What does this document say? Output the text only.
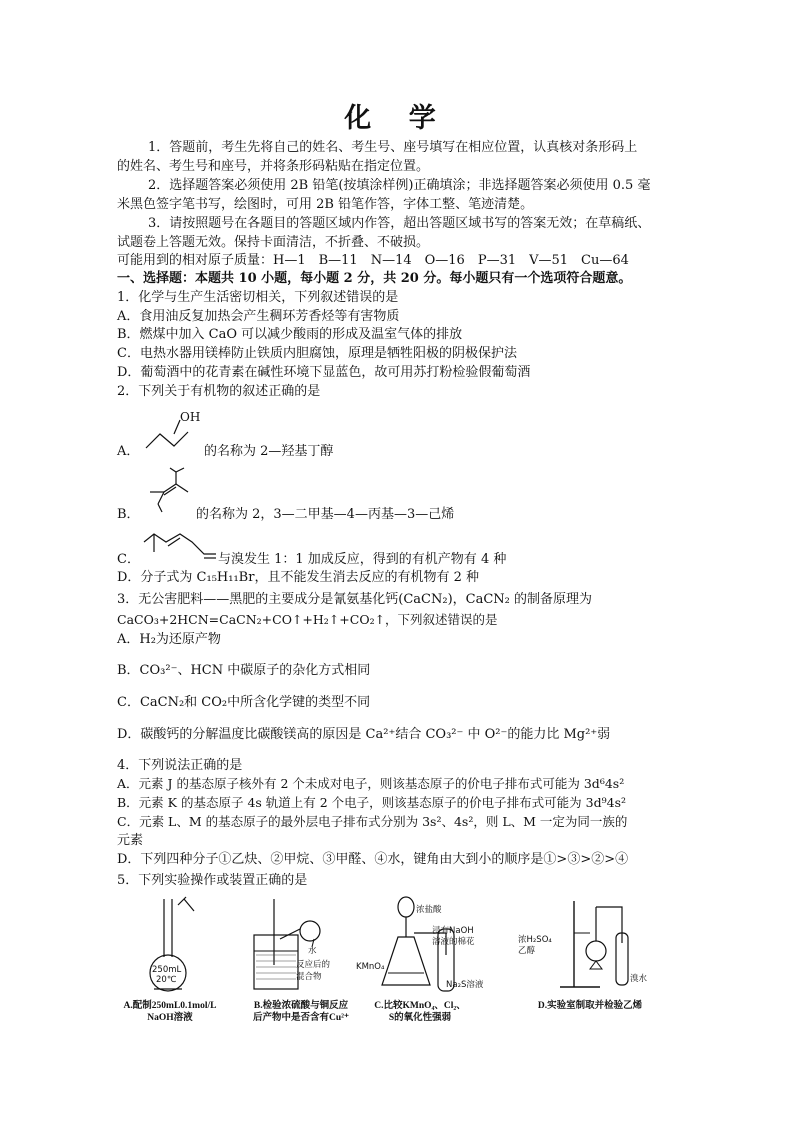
化 学
1．答题前，考生先将自己的姓名、考生号、座号填写在相应位置，认真核对条形码上
的姓名、考生号和座号，并将条形码粘贴在指定位置。
2．选择题答案必须使用 2B 铅笔(按填涂样例)正确填涂；非选择题答案必须使用 0.5 毫
米黑色签字笔书写，绘图时，可用 2B 铅笔作答，字体工整、笔迹清楚。
3．请按照题号在各题目的答题区域内作答，超出答题区域书写的答案无效；在草稿纸、
试题卷上答题无效。保持卡面清洁，不折叠、不破损。
可能用到的相对原子质量：H—1　B—11　N—14　O—16　P—31　V—51　Cu—64
一、选择题：本题共 10 小题，每小题 2 分，共 20 分。每小题只有一个选项符合题意。
1．化学与生产生活密切相关，下列叙述错误的是
A．食用油反复加热会产生稠环芳香烃等有害物质
B．燃煤中加入 CaO 可以减少酸雨的形成及温室气体的排放
C．电热水器用镁棒防止铁质内胆腐蚀，原理是牺牲阳极的阴极保护法
D．葡萄酒中的花青素在碱性环境下显蓝色，故可用苏打粉检验假葡萄酒
2．下列关于有机物的叙述正确的是
A．
OH
的名称为 2—羟基丁醇
B．	的名称为 2，3—二甲基—4—丙基—3—己烯
C．	与溴发生 1：1 加成反应，得到的有机产物有 4 种
D．分子式为 C₁₅H₁₁Br，且不能发生消去反应的有机物有 2 种
3．无公害肥料——黑肥的主要成分是氰氨基化钙(CaCN₂)，CaCN₂ 的制备原理为
CaCO₃+2HCN=CaCN₂+CO↑+H₂↑+CO₂↑，下列叙述错误的是
A．H₂为还原产物
B．CO₃²⁻、HCN 中碳原子的杂化方式相同
C．CaCN₂和 CO₂中所含化学键的类型不同
D．碳酸钙的分解温度比碳酸镁高的原因是 Ca²⁺结合 CO₃²⁻ 中 O²⁻的能力比 Mg²⁺弱
4．下列说法正确的是
A．元素 J 的基态原子核外有 2 个未成对电子，则该基态原子的价电子排布式可能为 3d⁶4s²
B．元素 K 的基态原子 4s 轨道上有 2 个电子，则该基态原子的价电子排布式可能为 3d⁹4s²
C．元素 L、M 的基态原子的最外层电子排布式分别为 3s²、4s²，则 L、M 一定为同一族的
元素
D．下列四种分子①乙炔、②甲烷、③甲醛、④水，键角由大到小的顺序是①>③>②>④
5．下列实验操作或装置正确的是
250mL
20℃
A.配制250mL0.1mol/L
NaOH溶液
水
反应后的
混合物
B.检验浓硫酸与铜反应
后产物中是否含有Cu²⁺
浓盐酸
浸有NaOH
溶液的棉花
KMnO₄
Na₂S溶液
C.比较KMnO₄、Cl₂、
S的氧化性强弱
浓H₂SO₄
乙醇
溴水
D.实验室制取并检验乙烯
